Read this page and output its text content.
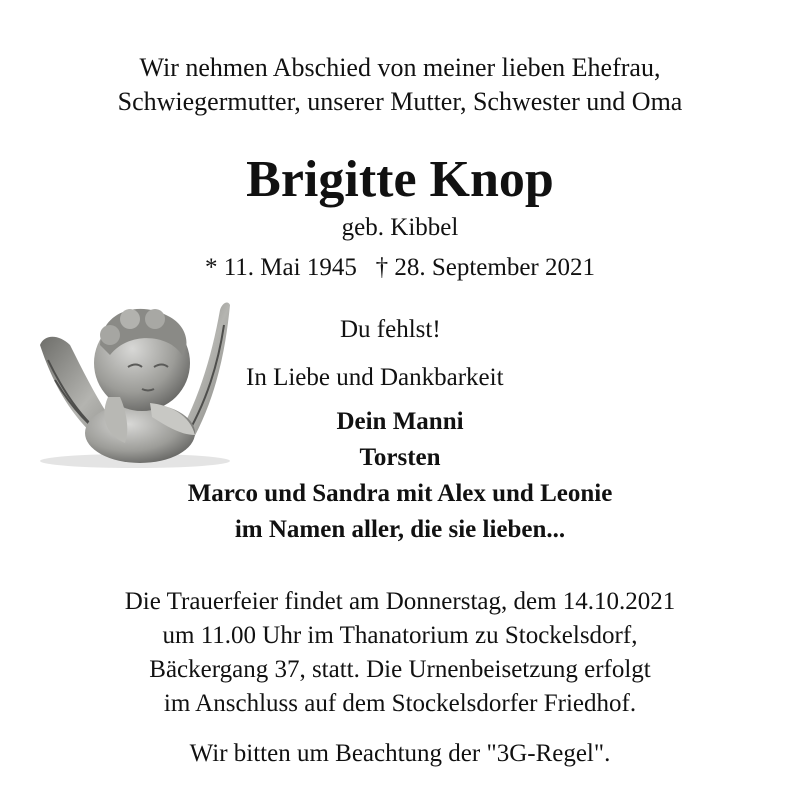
Wir nehmen Abschied von meiner lieben Ehefrau,
Schwiegermutter, unserer Mutter, Schwester und Oma
Brigitte Knop
geb. Kibbel
* 11. Mai 1945   † 28. September 2021
Du fehlst!
In Liebe und Dankbarkeit
Dein Manni
Torsten
Marco und Sandra mit Alex und Leonie
im Namen aller, die sie lieben...
Die Trauerfeier findet am Donnerstag, dem 14.10.2021
um 11.00 Uhr im Thanatorium zu Stockelsdorf,
Bäckergang 37, statt. Die Urnenbeisetzung erfolgt
im Anschluss auf dem Stockelsdorfer Friedhof.
Wir bitten um Beachtung der "3G-Regel".
